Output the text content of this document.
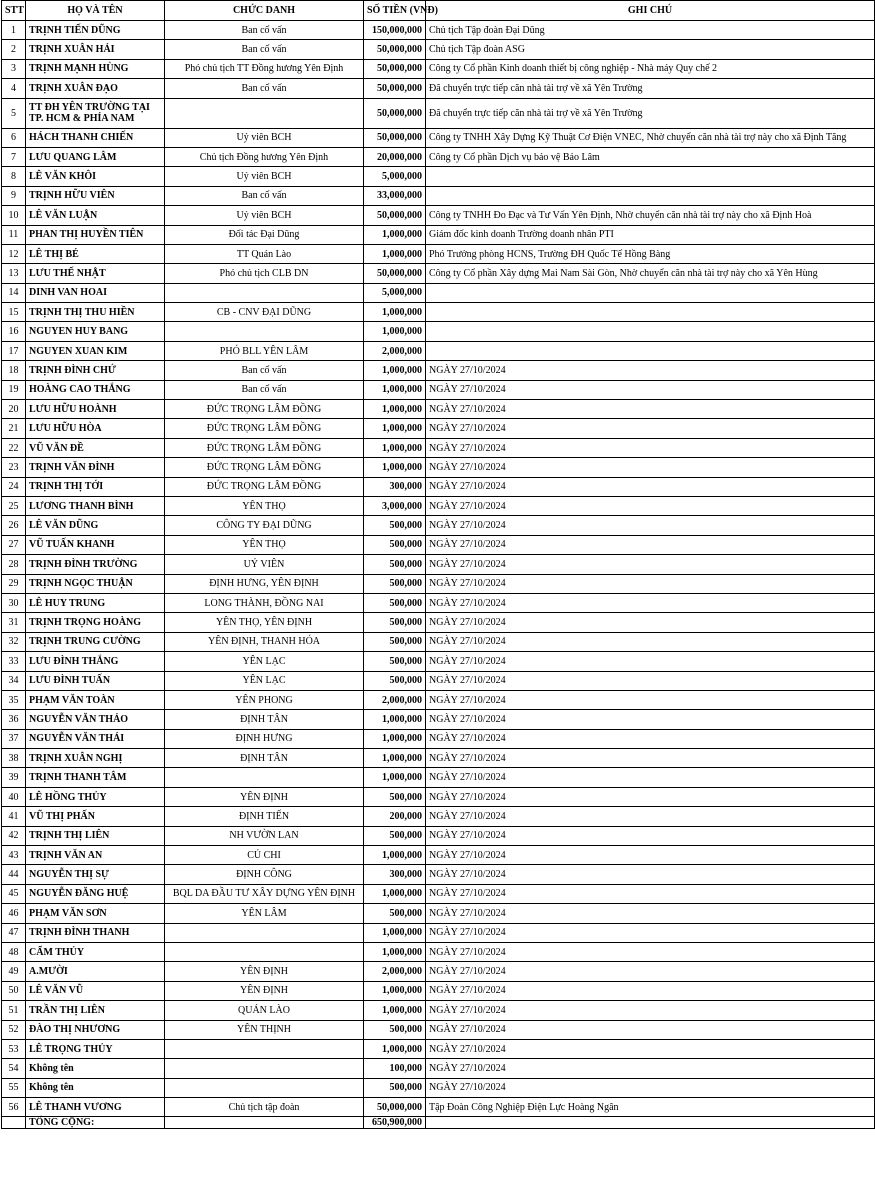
STT	HỌ VÀ TÊN	CHỨC DANH	SỐ TIỀN (VNĐ)	GHI CHÚ
1	TRỊNH TIẾN DŨNG	Ban cố vấn	150,000,000	Chủ tịch Tập đoàn Đại Dũng
2	TRỊNH XUÂN HẢI	Ban cố vấn	50,000,000	Chủ tịch Tập đoàn ASG
3	TRỊNH MẠNH HÙNG	Phó chủ tịch TT Đồng hương Yên Định	50,000,000	Công ty Cổ phần Kinh doanh thiết bị công nghiệp - Nhà máy Quy chế 2
4	TRỊNH XUÂN ĐẠO	Ban cố vấn	50,000,000	Đã chuyển trực tiếp căn nhà tài trợ về xã Yên Trường
5	TT ĐH YÊN TRƯỜNG TẠI TP. HCM & PHÍA NAM		50,000,000	Đã chuyển trực tiếp căn nhà tài trợ về xã Yên Trường
6	HÁCH THANH CHIẾN	Uỷ viên BCH	50,000,000	Công ty TNHH Xây Dựng Kỹ Thuật Cơ Điện VNEC, Nhờ chuyển căn nhà tài trợ này cho xã Định Tăng
7	LƯU QUANG LÂM	Chủ tịch Đồng hương Yên Định	20,000,000	Công ty Cổ phần Dịch vụ bảo vệ Bảo Lâm
8	LÊ VĂN KHÔI	Uỷ viên BCH	5,000,000	
9	TRỊNH HỮU VIÊN	Ban cố vấn	33,000,000	
10	LÊ VĂN LUẬN	Uỷ viên BCH	50,000,000	Công ty TNHH Đo Đạc và Tư Vấn Yên Định, Nhờ chuyển căn nhà tài trợ này cho xã Định Hoà
11	PHAN THỊ HUYỀN TIÊN	Đối tác Đại Dũng	1,000,000	Giám đốc kinh doanh Trường doanh nhân PTI
12	LÊ THỊ BÉ	TT Quán Lào	1,000,000	Phó Trưởng phòng HCNS, Trường ĐH Quốc Tế Hồng Bàng
13	LƯU THẾ NHẬT	Phó chủ tịch CLB DN	50,000,000	Công ty Cổ phần Xây dựng Mai Nam Sài Gòn, Nhờ chuyển căn nhà tài trợ này cho xã Yên Hùng
14	DINH VAN HOAI		5,000,000	
15	TRỊNH THỊ THU HIỀN	CB - CNV ĐẠI DŨNG	1,000,000	
16	NGUYEN HUY BANG		1,000,000	
17	NGUYEN XUAN KIM	PHÓ BLL YÊN LÂM	2,000,000	
18	TRỊNH ĐÌNH CHỨ	Ban cố vấn	1,000,000	NGÀY 27/10/2024
19	HOÀNG CAO THẮNG	Ban cố vấn	1,000,000	NGÀY 27/10/2024
20	LƯU HỮU HOÀNH	ĐỨC TRỌNG LÂM ĐỒNG	1,000,000	NGÀY 27/10/2024
21	LƯU HỮU HÒA	ĐỨC TRỌNG LÂM ĐỒNG	1,000,000	NGÀY 27/10/2024
22	VŨ VĂN ĐỀ	ĐỨC TRỌNG LÂM ĐỒNG	1,000,000	NGÀY 27/10/2024
23	TRỊNH VĂN ĐÌNH	ĐỨC TRỌNG LÂM ĐỒNG	1,000,000	NGÀY 27/10/2024
24	TRỊNH THỊ TỚI	ĐỨC TRỌNG LÂM ĐỒNG	300,000	NGÀY 27/10/2024
25	LƯƠNG THANH BÌNH	YÊN THỌ	3,000,000	NGÀY 27/10/2024
26	LÊ VĂN DŨNG	CÔNG TY ĐẠI DŨNG	500,000	NGÀY 27/10/2024
27	VŨ TUẤN KHANH	YÊN THỌ	500,000	NGÀY 27/10/2024
28	TRỊNH ĐÌNH TRƯỜNG	UỶ VIÊN	500,000	NGÀY 27/10/2024
29	TRỊNH NGỌC THUẬN	ĐỊNH HƯNG, YÊN ĐỊNH	500,000	NGÀY 27/10/2024
30	LÊ HUY TRUNG	LONG THÀNH, ĐỒNG NAI	500,000	NGÀY 27/10/2024
31	TRỊNH TRỌNG HOÀNG	YÊN THỌ, YÊN ĐỊNH	500,000	NGÀY 27/10/2024
32	TRỊNH TRUNG CƯỜNG	YÊN ĐỊNH, THANH HÓA	500,000	NGÀY 27/10/2024
33	LƯU ĐÌNH THẮNG	YÊN LẠC	500,000	NGÀY 27/10/2024
34	LƯU ĐÌNH TUẤN	YÊN LẠC	500,000	NGÀY 27/10/2024
35	PHẠM VĂN TOÀN	YÊN PHONG	2,000,000	NGÀY 27/10/2024
36	NGUYỄN VĂN THẢO	ĐỊNH TÂN	1,000,000	NGÀY 27/10/2024
37	NGUYỄN VĂN THÁI	ĐỊNH HƯNG	1,000,000	NGÀY 27/10/2024
38	TRỊNH XUÂN NGHỊ	ĐỊNH TÂN	1,000,000	NGÀY 27/10/2024
39	TRỊNH THANH TÂM		1,000,000	NGÀY 27/10/2024
40	LÊ HỒNG THỦY	YÊN ĐỊNH	500,000	NGÀY 27/10/2024
41	VŨ THỊ PHẤN	ĐỊNH TIẾN	200,000	NGÀY 27/10/2024
42	TRỊNH THỊ LIÊN	NH VƯỜN LAN	500,000	NGÀY 27/10/2024
43	TRỊNH VĂN AN	CỦ CHI	1,000,000	NGÀY 27/10/2024
44	NGUYỄN THỊ SỰ	ĐỊNH CÔNG	300,000	NGÀY 27/10/2024
45	NGUYỄN ĐĂNG HUỆ	BQL DA ĐẦU TƯ XÂY DỰNG YÊN ĐỊNH	1,000,000	NGÀY 27/10/2024
46	PHẠM VĂN SƠN	YÊN LÂM	500,000	NGÀY 27/10/2024
47	TRỊNH ĐÌNH THANH		1,000,000	NGÀY 27/10/2024
48	CẨM THỦY		1,000,000	NGÀY 27/10/2024
49	A.MƯỜI	YÊN ĐỊNH	2,000,000	NGÀY 27/10/2024
50	LÊ VĂN VŨ	YÊN ĐỊNH	1,000,000	NGÀY 27/10/2024
51	TRẦN THỊ LIÊN	QUÁN LÀO	1,000,000	NGÀY 27/10/2024
52	ĐÀO THỊ NHƯƠNG	YÊN THỊNH	500,000	NGÀY 27/10/2024
53	LÊ TRỌNG THỦY		1,000,000	NGÀY 27/10/2024
54	Không tên		100,000	NGÀY 27/10/2024
55	Không tên		500,000	NGÀY 27/10/2024
56	LÊ THANH VƯƠNG	Chủ tịch tập đoàn	50,000,000	Tập Đoàn Công Nghiệp Điện Lực Hoàng Ngân
	TỔNG CỘNG:		650,900,000	
